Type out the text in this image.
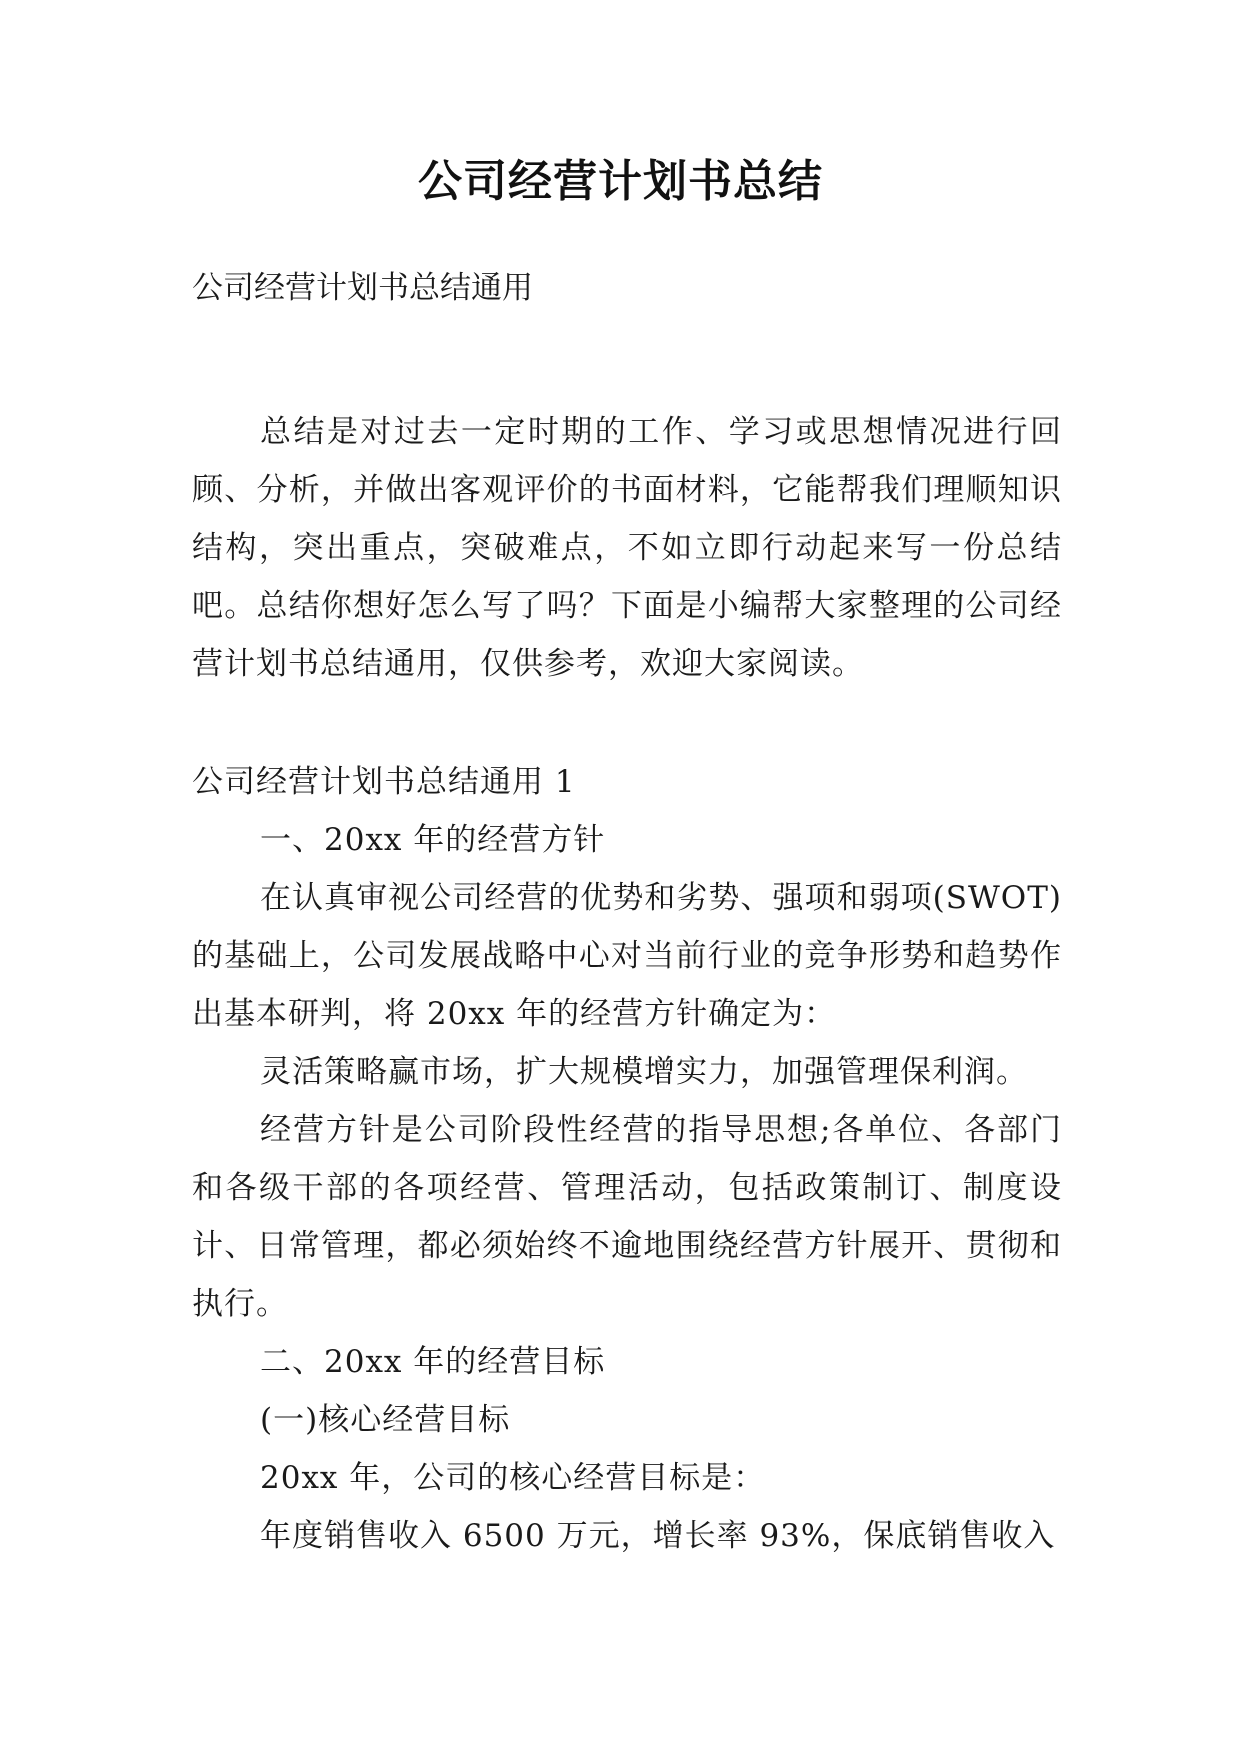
公司经营计划书总结

公司经营计划书总结通用

总结是对过去一定时期的工作、学习或思想情况进行回顾、分析，并做出客观评价的书面材料，它能帮我们理顺知识结构，突出重点，突破难点，不如立即行动起来写一份总结吧。总结你想好怎么写了吗？下面是小编帮大家整理的公司经营计划书总结通用，仅供参考，欢迎大家阅读。

公司经营计划书总结通用 1

一、20xx 年的经营方针

在认真审视公司经营的优势和劣势、强项和弱项(SWOT)的基础上，公司发展战略中心对当前行业的竞争形势和趋势作出基本研判，将 20xx 年的经营方针确定为：

灵活策略赢市场，扩大规模增实力，加强管理保利润。

经营方针是公司阶段性经营的指导思想;各单位、各部门和各级干部的各项经营、管理活动，包括政策制订、制度设计、日常管理，都必须始终不逾地围绕经营方针展开、贯彻和执行。

二、20xx 年的经营目标

(一)核心经营目标

20xx 年，公司的核心经营目标是：

年度销售收入 6500 万元，增长率 93%，保底销售收入
